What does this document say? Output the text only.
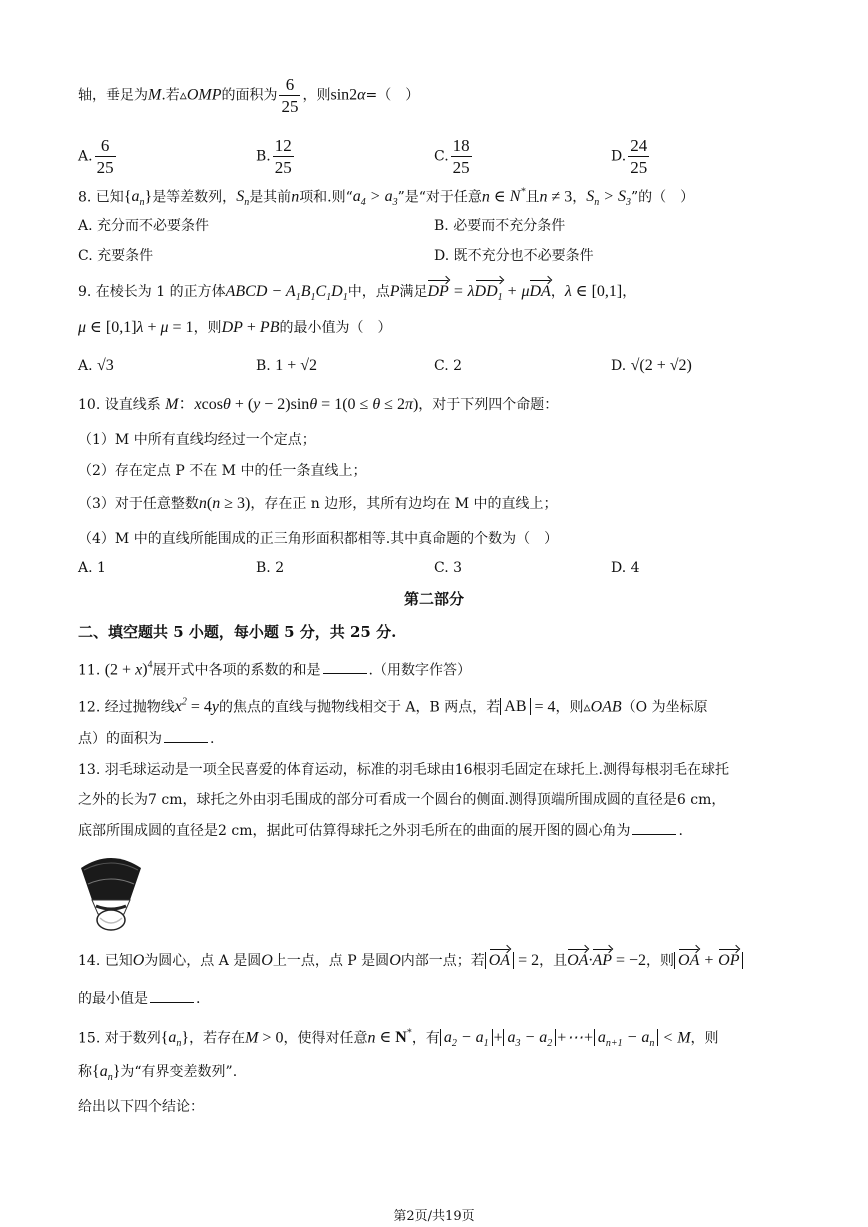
轴，垂足为M.若▵OMP的面积为 $\frac{6}{25}$ ，则sin2α=（　）
A. $\frac{6}{25}$	B. $\frac{12}{25}$	C. $\frac{18}{25}$	D. $\frac{24}{25}$
8. 已知$\{a_n\}$是等差数列，$S_n$是其前n项和.则“$a_4 > a_3$”是“对于任意n ∈ N*且n ≠ 3，$S_n > S_3$”的（　）
A. 充分而不必要条件	B. 必要而不充分条件
C. 充要条件	D. 既不充分也不必要条件
9. 在棱长为 1 的正方体ABCD − $A_1B_1C_1D_1$中，点P满足DP = λDD$_1$ + μDA，λ ∈ [0,1]，
μ ∈ [0,1]λ + μ = 1，则DP + PB的最小值为（　）
A. √3	B. 1 + √2	C. 2	D. √(2 + √2)
10. 设直线系 M：xcosθ + (y − 2)sinθ = 1(0 ≤ θ ≤ 2π)，对于下列四个命题：
（1）M 中所有直线均经过一个定点；
（2）存在定点 P 不在 M 中的任一条直线上；
（3）对于任意整数n(n ≥ 3)，存在正 n 边形，其所有边均在 M 中的直线上；
（4）M 中的直线所能围成的正三角形面积都相等.其中真命题的个数为（　）
A. 1	B. 2	C. 3	D. 4
第二部分
二、填空题共 5 小题，每小题 5 分，共 25 分.
11. $(2 + x)^4$展开式中各项的系数的和是	.（用数字作答）
12. 经过抛物线$x^2 = 4y$的焦点的直线与抛物线相交于 A，B 两点，若 AB = 4，则▵OAB（O 为坐标原
点）的面积为	.
13. 羽毛球运动是一项全民喜爱的体育运动，标准的羽毛球由16根羽毛固定在球托上.测得每根羽毛在球托
之外的长为7 cm，球托之外由羽毛围成的部分可看成一个圆台的侧面.测得顶端所围成圆的直径是6 cm，
底部所围成圆的直径是2 cm，据此可估算得球托之外羽毛所在的曲面的展开图的圆心角为	.
14. 已知O为圆心，点 A 是圆O上一点，点 P 是圆O内部一点；若 OA = 2，且OA·AP = −2，则 OA + OP
的最小值是	.
15. 对于数列$\{a_n\}$，若存在M > 0，使得对任意n ∈ N*，有 $a_2 - a_1 + a_3 - a_2$ +⋯+ $a_{n+1} - a_n < M$，则
称$\{a_n\}$为“有界变差数列”.
给出以下四个结论：
第2页/共19页
